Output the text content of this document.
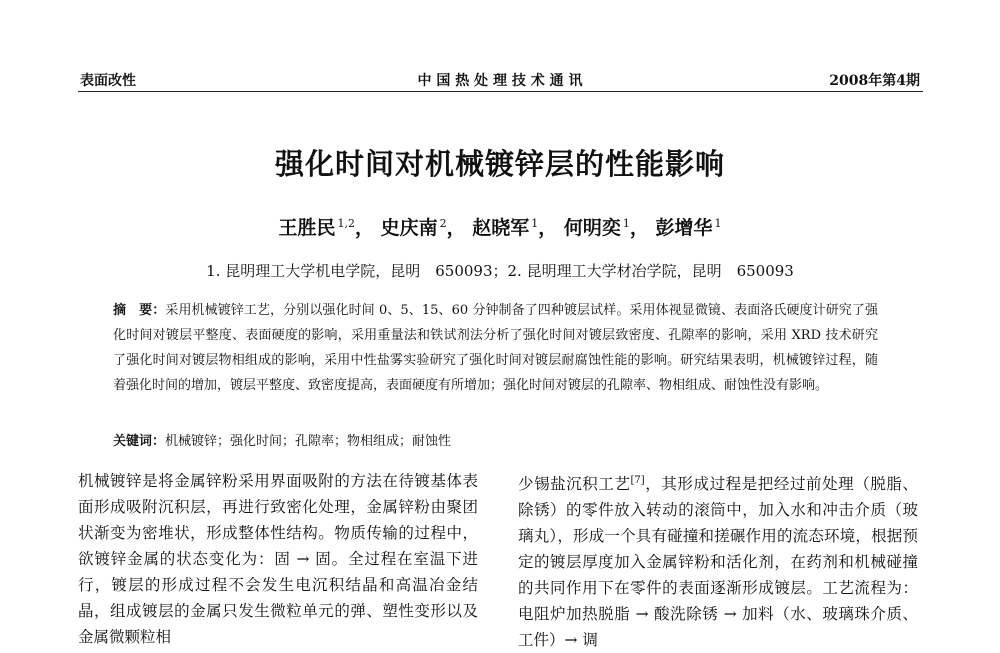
表面改性	中 国 热 处 理 技 术 通 讯	2008年第4期
强化时间对机械镀锌层的性能影响
王胜民 $^{1,2}$， 史庆南 $^2$， 赵晓军 $^1$， 何明奕 $^1$， 彭增华 $^1$
1. 昆明理工大学机电学院，昆明　650093；2. 昆明理工大学材冶学院，昆明　650093
摘　要：采用机械镀锌工艺，分别以强化时间 0、5、15、60 分钟制备了四种镀层试样。采用体视显微镜、表面洛氏硬度计研究了强化时间对镀层平整度、表面硬度的影响，采用重量法和铁试剂法分析了强化时间对镀层致密度、孔隙率的影响，采用 XRD 技术研究了强化时间对镀层物相组成的影响，采用中性盐雾实验研究了强化时间对镀层耐腐蚀性能的影响。研究结果表明，机械镀锌过程，随着强化时间的增加，镀层平整度、致密度提高，表面硬度有所增加；强化时间对镀层的孔隙率、物相组成、耐蚀性没有影响。
关键词：机械镀锌；强化时间；孔隙率；物相组成；耐蚀性
机械镀锌是将金属锌粉采用界面吸附的方法在待镀基体表面形成吸附沉积层，再进行致密化处理，金属锌粉由聚团状渐变为密堆状，形成整体性结构。物质传输的过程中，欲镀锌金属的状态变化为：固 → 固。全过程在室温下进行，镀层的形成过程不会发生电沉积结晶和高温冶金结晶，组成镀层的金属只发生微粒单元的弹、塑性变形以及金属微颗粒相
少锡盐沉积工艺[7]，其形成过程是把经过前处理（脱脂、除锈）的零件放入转动的滚筒中，加入水和冲击介质（玻璃丸），形成一个具有碰撞和搓碾作用的流态环境，根据预定的镀层厚度加入金属锌粉和活化剂，在药剂和机械碰撞的共同作用下在零件的表面逐渐形成镀层。工艺流程为：电阻炉加热脱脂 → 酸洗除锈 → 加料（水、玻璃珠介质、工件）→ 调
